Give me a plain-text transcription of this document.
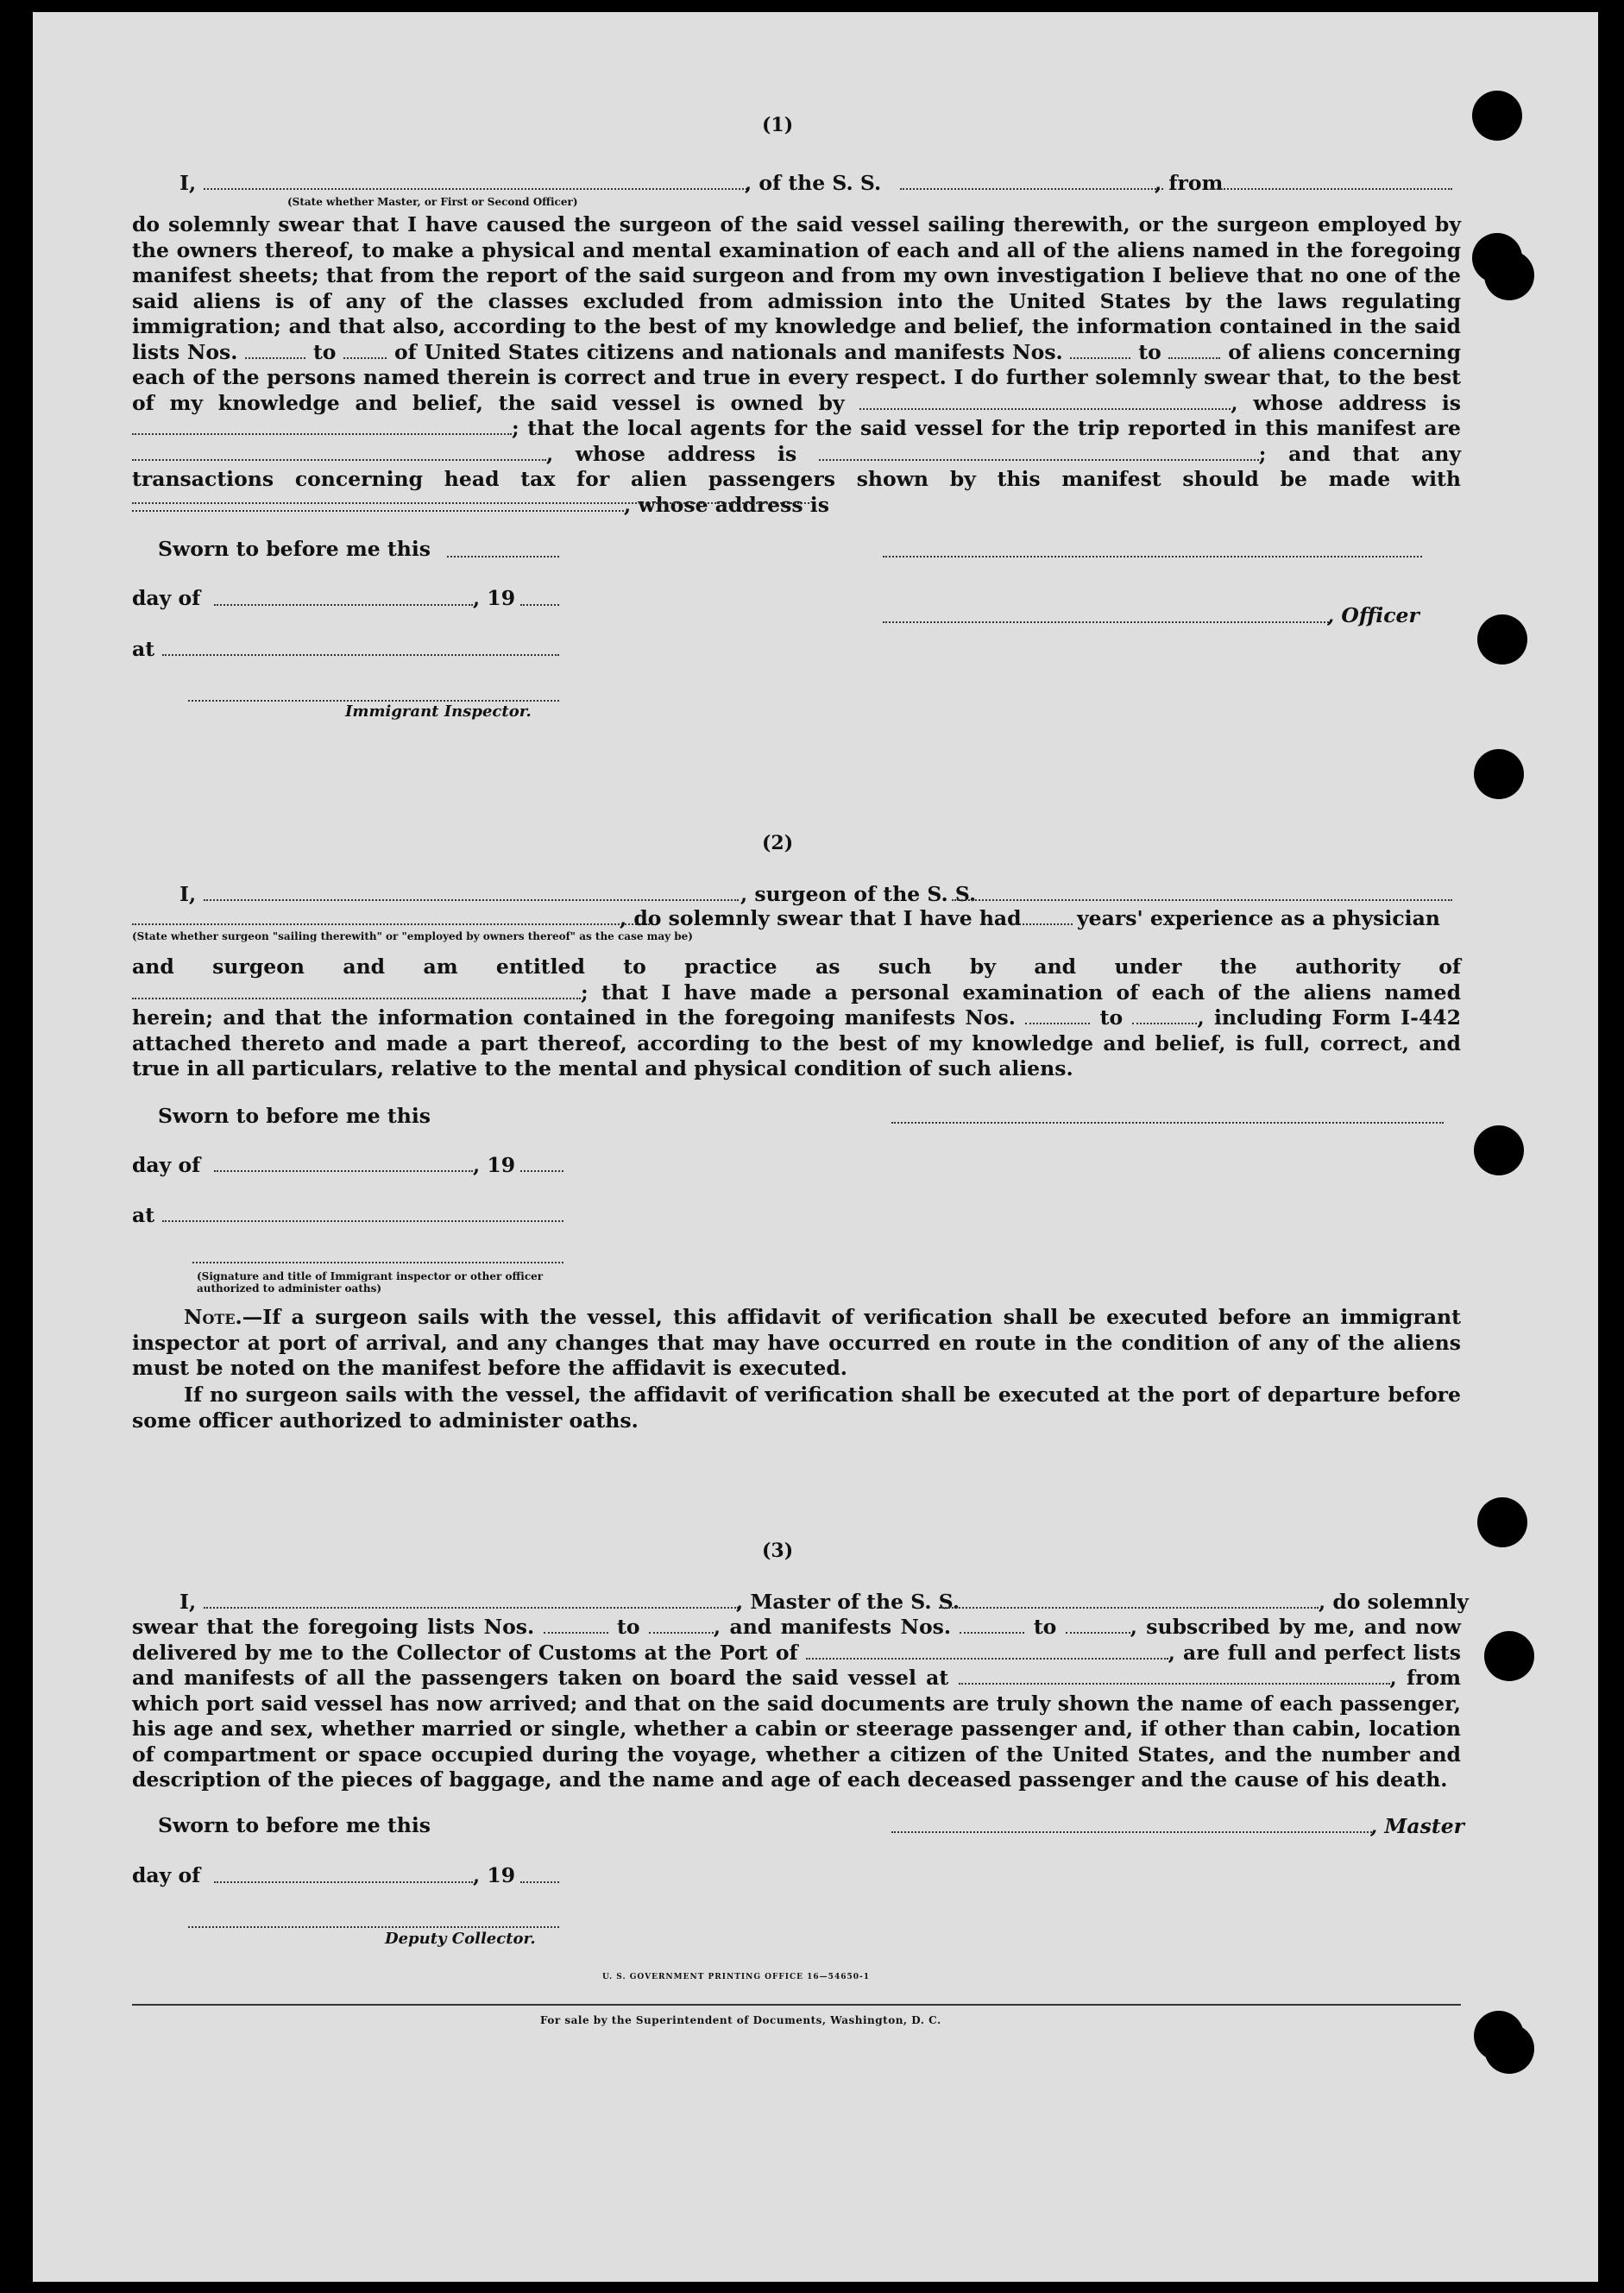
(1)
I,	, of the S. S.	, from
(State whether Master, or First or Second Officer)

do solemnly swear that I have caused the surgeon of the said vessel sailing therewith, or the surgeon employed by the owners thereof, to make a physical and mental examination of each and all of the aliens named in the foregoing manifest sheets; that from the report of the said surgeon and from my own investigation I believe that no one of the said aliens is of any of the classes excluded from admission into the United States by the laws regulating immigration; and that also, according to the best of my knowledge and belief, the information contained in the said lists Nos.	to	of United States citizens and nationals and manifests Nos.	to	of aliens concerning each of the persons named therein is correct and true in every respect. I do further solemnly swear that, to the best of my knowledge and belief, the said vessel is owned by	, whose address is ; that the local agents for the said vessel for the trip reported in this manifest are , whose address is	; and that any transactions concerning head tax for alien passengers shown by this manifest should be made with , whose address is

Sworn to before me this
day of	, 19
, Officer
at
Immigrant Inspector.
(2)
I,	, surgeon of the S. S.
, do solemnly swear that I have had	years' experience as a physician
(State whether surgeon "sailing therewith" or "employed by owners thereof" as the case may be)

and surgeon and am entitled to practice as such by and under the authority of ; that I have made a personal examination of each of the aliens named herein; and that the information contained in the foregoing manifests Nos.	to	, including Form I-442 attached thereto and made a part thereof, according to the best of my knowledge and belief, is full, correct, and true in all particulars, relative to the mental and physical condition of such aliens.

Sworn to before me this
day of	, 19
at
(Signature and title of Immigrant inspector or other officer authorized to administer oaths)

Note.—If a surgeon sails with the vessel, this affidavit of verification shall be executed before an immigrant inspector at port of arrival, and any changes that may have occurred en route in the condition of any of the aliens must be noted on the manifest before the affidavit is executed.

If no surgeon sails with the vessel, the affidavit of verification shall be executed at the port of departure before some officer authorized to administer oaths.

(3)
I,	, Master of the S. S.	, do solemnly

swear that the foregoing lists Nos.	to	, and manifests Nos.	to	, subscribed by me, and now delivered by me to the Collector of Customs at the Port of	, are full and perfect lists and manifests of all the passengers taken on board the said vessel at	, from which port said vessel has now arrived; and that on the said documents are truly shown the name of each passenger, his age and sex, whether married or single, whether a cabin or steerage passenger and, if other than cabin, location of compartment or space occupied during the voyage, whether a citizen of the United States, and the number and description of the pieces of baggage, and the name and age of each deceased passenger and the cause of his death.

Sworn to before me this	, Master
day of	, 19
Deputy Collector.
U. S. GOVERNMENT PRINTING OFFICE 16—54650-1
For sale by the Superintendent of Documents, Washington, D. C.
